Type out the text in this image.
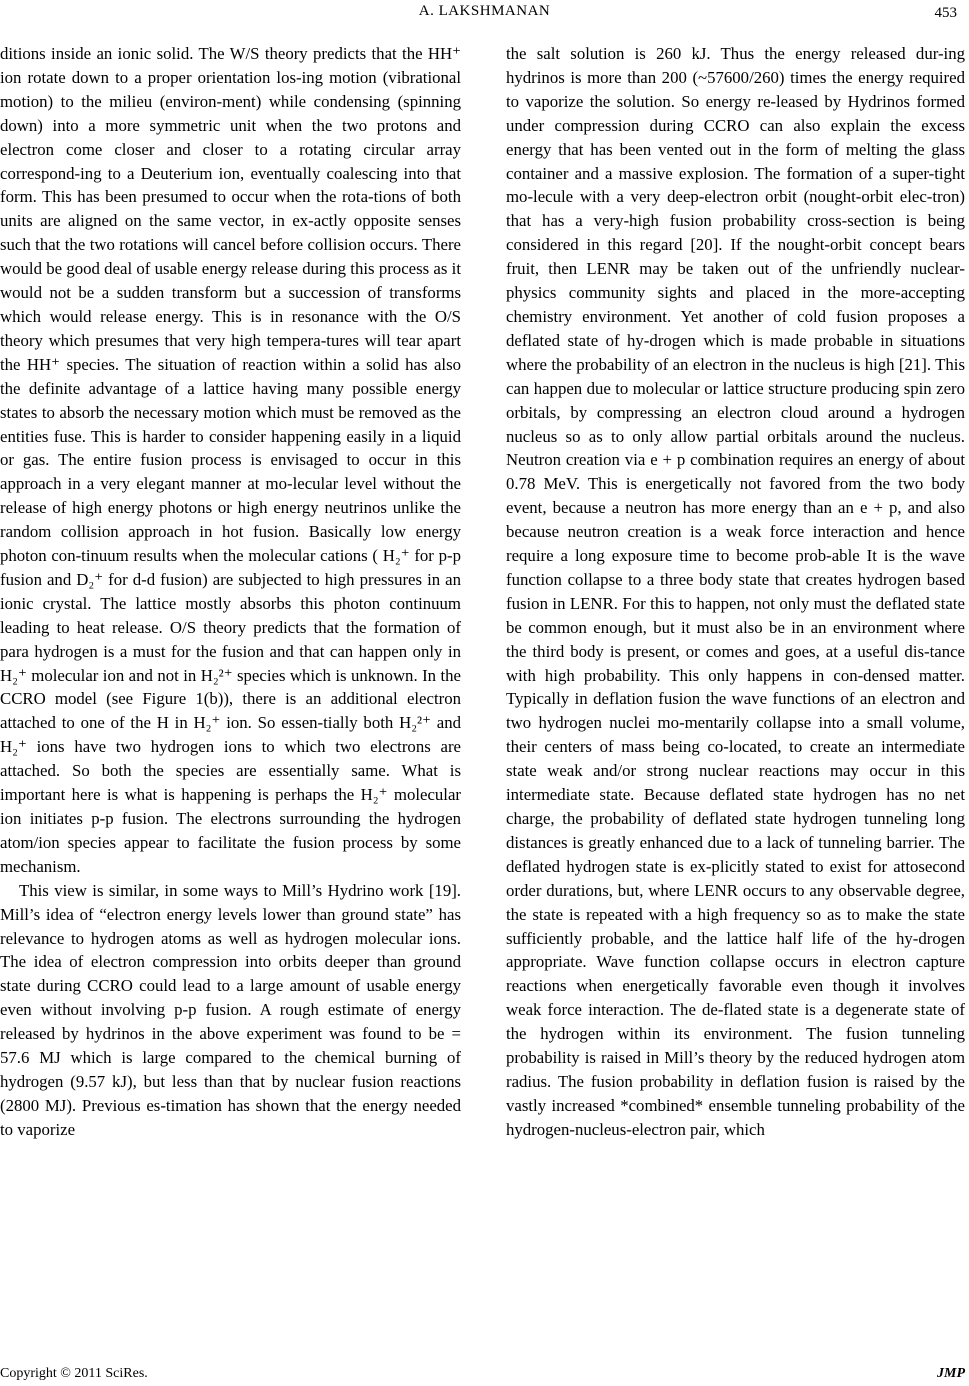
A. LAKSHMANAN	453

ditions inside an ionic solid. The W/S theory predicts that the HH⁺ ion rotate down to a proper orientation los-ing motion (vibrational motion) to the milieu (environ-ment) while condensing (spinning down) into a more symmetric unit when the two protons and electron come closer and closer to a rotating circular array correspond-ing to a Deuterium ion, eventually coalescing into that form. This has been presumed to occur when the rota-tions of both units are aligned on the same vector, in ex-actly opposite senses such that the two rotations will cancel before collision occurs. There would be good deal of usable energy release during this process as it would not be a sudden transform but a succession of transforms which would release energy. This is in resonance with the O/S theory which presumes that very high tempera-tures will tear apart the HH⁺ species. The situation of reaction within a solid has also the definite advantage of a lattice having many possible energy states to absorb the necessary motion which must be removed as the entities fuse. This is harder to consider happening easily in a liquid or gas. The entire fusion process is envisaged to occur in this approach in a very elegant manner at mo-lecular level without the release of high energy photons or high energy neutrinos unlike the random collision approach in hot fusion. Basically low energy photon con-tinuum results when the molecular cations ( H₂⁺ for p-p fusion and D₂⁺ for d-d fusion) are subjected to high pressures in an ionic crystal. The lattice mostly absorbs this photon continuum leading to heat release. O/S theory predicts that the formation of para hydrogen is a must for the fusion and that can happen only in H₂⁺ molecular ion and not in H₂²⁺ species which is unknown. In the CCRO model (see Figure 1(b)), there is an additional electron attached to one of the H in H₂⁺ ion. So essen-tially both H₂²⁺ and H₂⁺ ions have two hydrogen ions to which two electrons are attached. So both the species are essentially same. What is important here is what is happening is perhaps the H₂⁺ molecular ion initiates p-p fusion. The electrons surrounding the hydrogen atom/ion species appear to facilitate the fusion process by some mechanism.

This view is similar, in some ways to Mill’s Hydrino work [19]. Mill’s idea of “electron energy levels lower than ground state” has relevance to hydrogen atoms as well as hydrogen molecular ions. The idea of electron compression into orbits deeper than ground state during CCRO could lead to a large amount of usable energy even without involving p-p fusion. A rough estimate of energy released by hydrinos in the above experiment was found to be = 57.6 MJ which is large compared to the chemical burning of hydrogen (9.57 kJ), but less than that by nuclear fusion reactions (2800 MJ). Previous es-timation has shown that the energy needed to vaporize

the salt solution is 260 kJ. Thus the energy released dur-ing hydrinos is more than 200 (~57600/260) times the energy required to vaporize the solution. So energy re-leased by Hydrinos formed under compression during CCRO can also explain the excess energy that has been vented out in the form of melting the glass container and a massive explosion. The formation of a super-tight mo-lecule with a very deep-electron orbit (nought-orbit elec-tron) that has a very-high fusion probability cross-section is being considered in this regard [20]. If the nought-orbit concept bears fruit, then LENR may be taken out of the unfriendly nuclear-physics community sights and placed in the more-accepting chemistry environment. Yet another of cold fusion proposes a deflated state of hy-drogen which is made probable in situations where the probability of an electron in the nucleus is high [21]. This can happen due to molecular or lattice structure producing spin zero orbitals, by compressing an electron cloud around a hydrogen nucleus so as to only allow partial orbitals around the nucleus. Neutron creation via e + p combination requires an energy of about 0.78 MeV. This is energetically not favored from the two body event, because a neutron has more energy than an e + p, and also because neutron creation is a weak force interaction and hence require a long exposure time to become prob-able It is the wave function collapse to a three body state that creates hydrogen based fusion in LENR. For this to happen, not only must the deflated state be common enough, but it must also be in an environment where the third body is present, or comes and goes, at a useful dis-tance with high probability. This only happens in con-densed matter. Typically in deflation fusion the wave functions of an electron and two hydrogen nuclei mo-mentarily collapse into a small volume, their centers of mass being co-located, to create an intermediate state weak and/or strong nuclear reactions may occur in this intermediate state. Because deflated state hydrogen has no net charge, the probability of deflated state hydrogen tunneling long distances is greatly enhanced due to a lack of tunneling barrier. The deflated hydrogen state is ex-plicitly stated to exist for attosecond order durations, but, where LENR occurs to any observable degree, the state is repeated with a high frequency so as to make the state sufficiently probable, and the lattice half life of the hy-drogen appropriate. Wave function collapse occurs in electron capture reactions when energetically favorable even though it involves weak force interaction. The de-flated state is a degenerate state of the hydrogen within its environment. The fusion tunneling probability is raised in Mill’s theory by the reduced hydrogen atom radius. The fusion probability in deflation fusion is raised by the vastly increased *combined* ensemble tunneling probability of the hydrogen-nucleus-electron pair, which

Copyright © 2011 SciRes.	JMP
